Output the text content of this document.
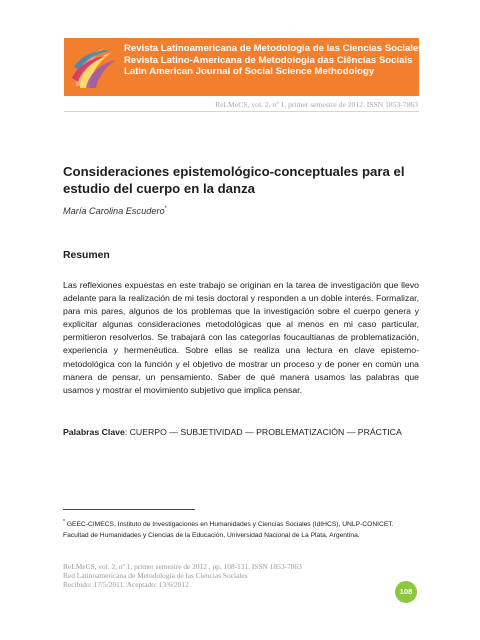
Revista Latinoamericana de Metodología de las Ciencias Sociales
Revista Latino-Americana de Metodologia das Ciências Sociais
Latin American Journal of Social Science Methodology
ReLMeCS, vol. 2, nº 1, primer semestre de 2012. ISSN 1853-7863
Consideraciones epistemológico-conceptuales para el estudio del cuerpo en la danza
María Carolina Escudero*
Resumen
Las reflexiones expuestas en este trabajo se originan en la tarea de investigación que llevo adelante para la realización de mi tesis doctoral y responden a un doble interés. Formalizar, para mis pares, algunos de los problemas que la investigación sobre el cuerpo genera y explicitar algunas consideraciones metodológicas que al menos en mi caso particular, permitieron resolverlos. Se trabajará con las categorías foucaultianas de problematización, experiencia y hermenéutica. Sobre ellas se realiza una lectura en clave epistemo-metodológica con la función y el objetivo de mostrar un proceso y de poner en común una manera de pensar, un pensamiento. Saber de qué manera usamos las palabras que usamos y mostrar el movimiento subjetivo que implica pensar.
Palabras Clave: CUERPO — SUBJETIVIDAD — PROBLEMATIZACIÓN — PRÁCTICA
* GEEC-CIMECS, Instituto de Investigaciones en Humanidades y Ciencias Sociales (IdIHCS), UNLP-CONICET.
Facultad de Humanidades y Ciencias de la Educación, Universidad Nacional de La Plata, Argentina.
ReLMeCS, vol. 2, nº 1, primer semestre de 2012 , pp. 108-131. ISSN 1853-7863
Red Latinoamericana de Metodología de las Ciencias Sociales
Recibido: 17/5/2011. Aceptado: 13/6/2012
108
